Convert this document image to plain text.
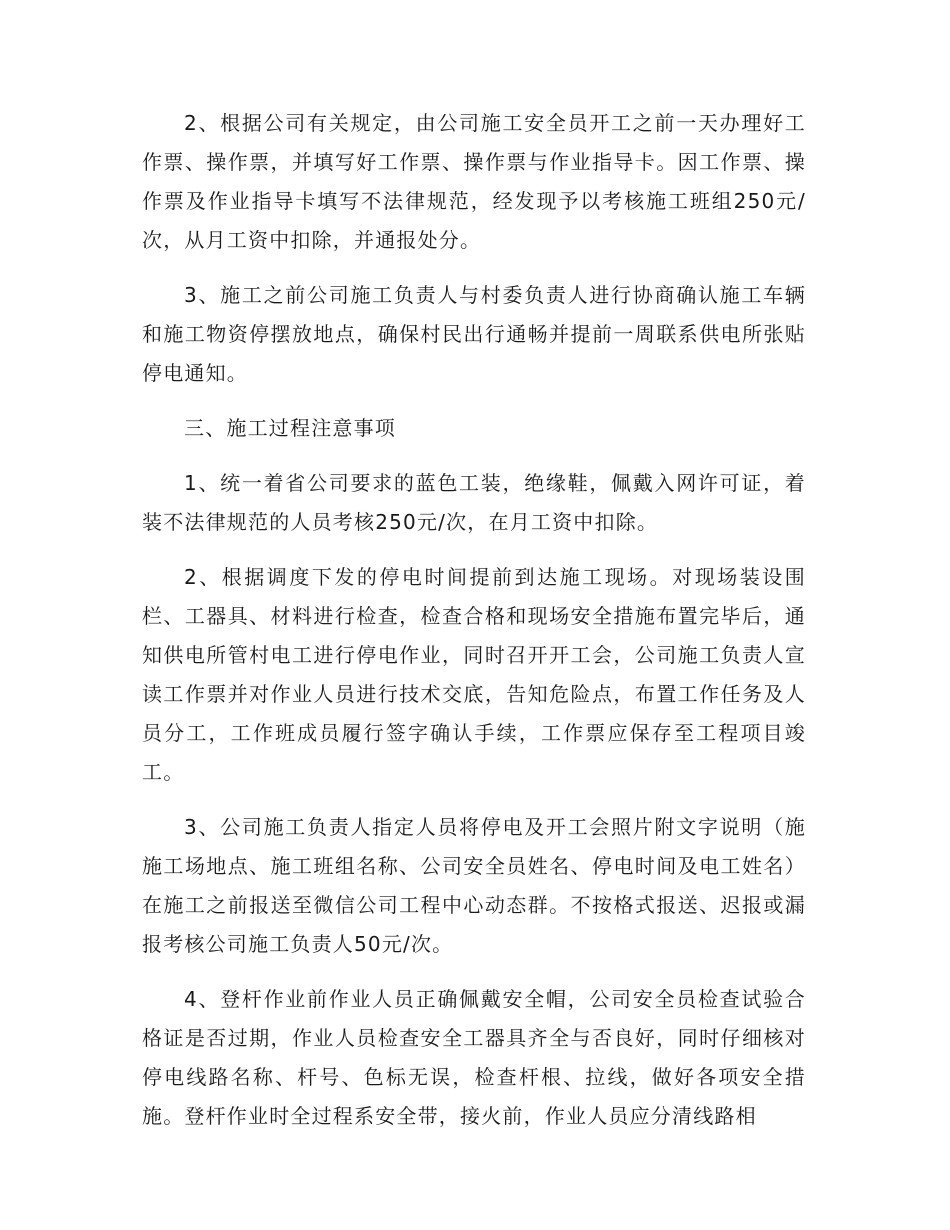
2、根据公司有关规定，由公司施工安全员开工之前一天办理好工作票、操作票，并填写好工作票、操作票与作业指导卡。因工作票、操作票及作业指导卡填写不法律规范，经发现予以考核施工班组250元/次，从月工资中扣除，并通报处分。

3、施工之前公司施工负责人与村委负责人进行协商确认施工车辆和施工物资停摆放地点，确保村民出行通畅并提前一周联系供电所张贴停电通知。

三、施工过程注意事项

1、统一着省公司要求的蓝色工装，绝缘鞋，佩戴入网许可证，着装不法律规范的人员考核250元/次，在月工资中扣除。

2、根据调度下发的停电时间提前到达施工现场。对现场装设围栏、工器具、材料进行检查，检查合格和现场安全措施布置完毕后，通知供电所管村电工进行停电作业，同时召开开工会，公司施工负责人宣读工作票并对作业人员进行技术交底，告知危险点，布置工作任务及人员分工，工作班成员履行签字确认手续，工作票应保存至工程项目竣工。

3、公司施工负责人指定人员将停电及开工会照片附文字说明（施施工场地点、施工班组名称、公司安全员姓名、停电时间及电工姓名）在施工之前报送至微信公司工程中心动态群。不按格式报送、迟报或漏报考核公司施工负责人50元/次。

4、登杆作业前作业人员正确佩戴安全帽，公司安全员检查试验合格证是否过期，作业人员检查安全工器具齐全与否良好，同时仔细核对停电线路名称、杆号、色标无误，检查杆根、拉线，做好各项安全措施。登杆作业时全过程系安全带，接火前，作业人员应分清线路相
